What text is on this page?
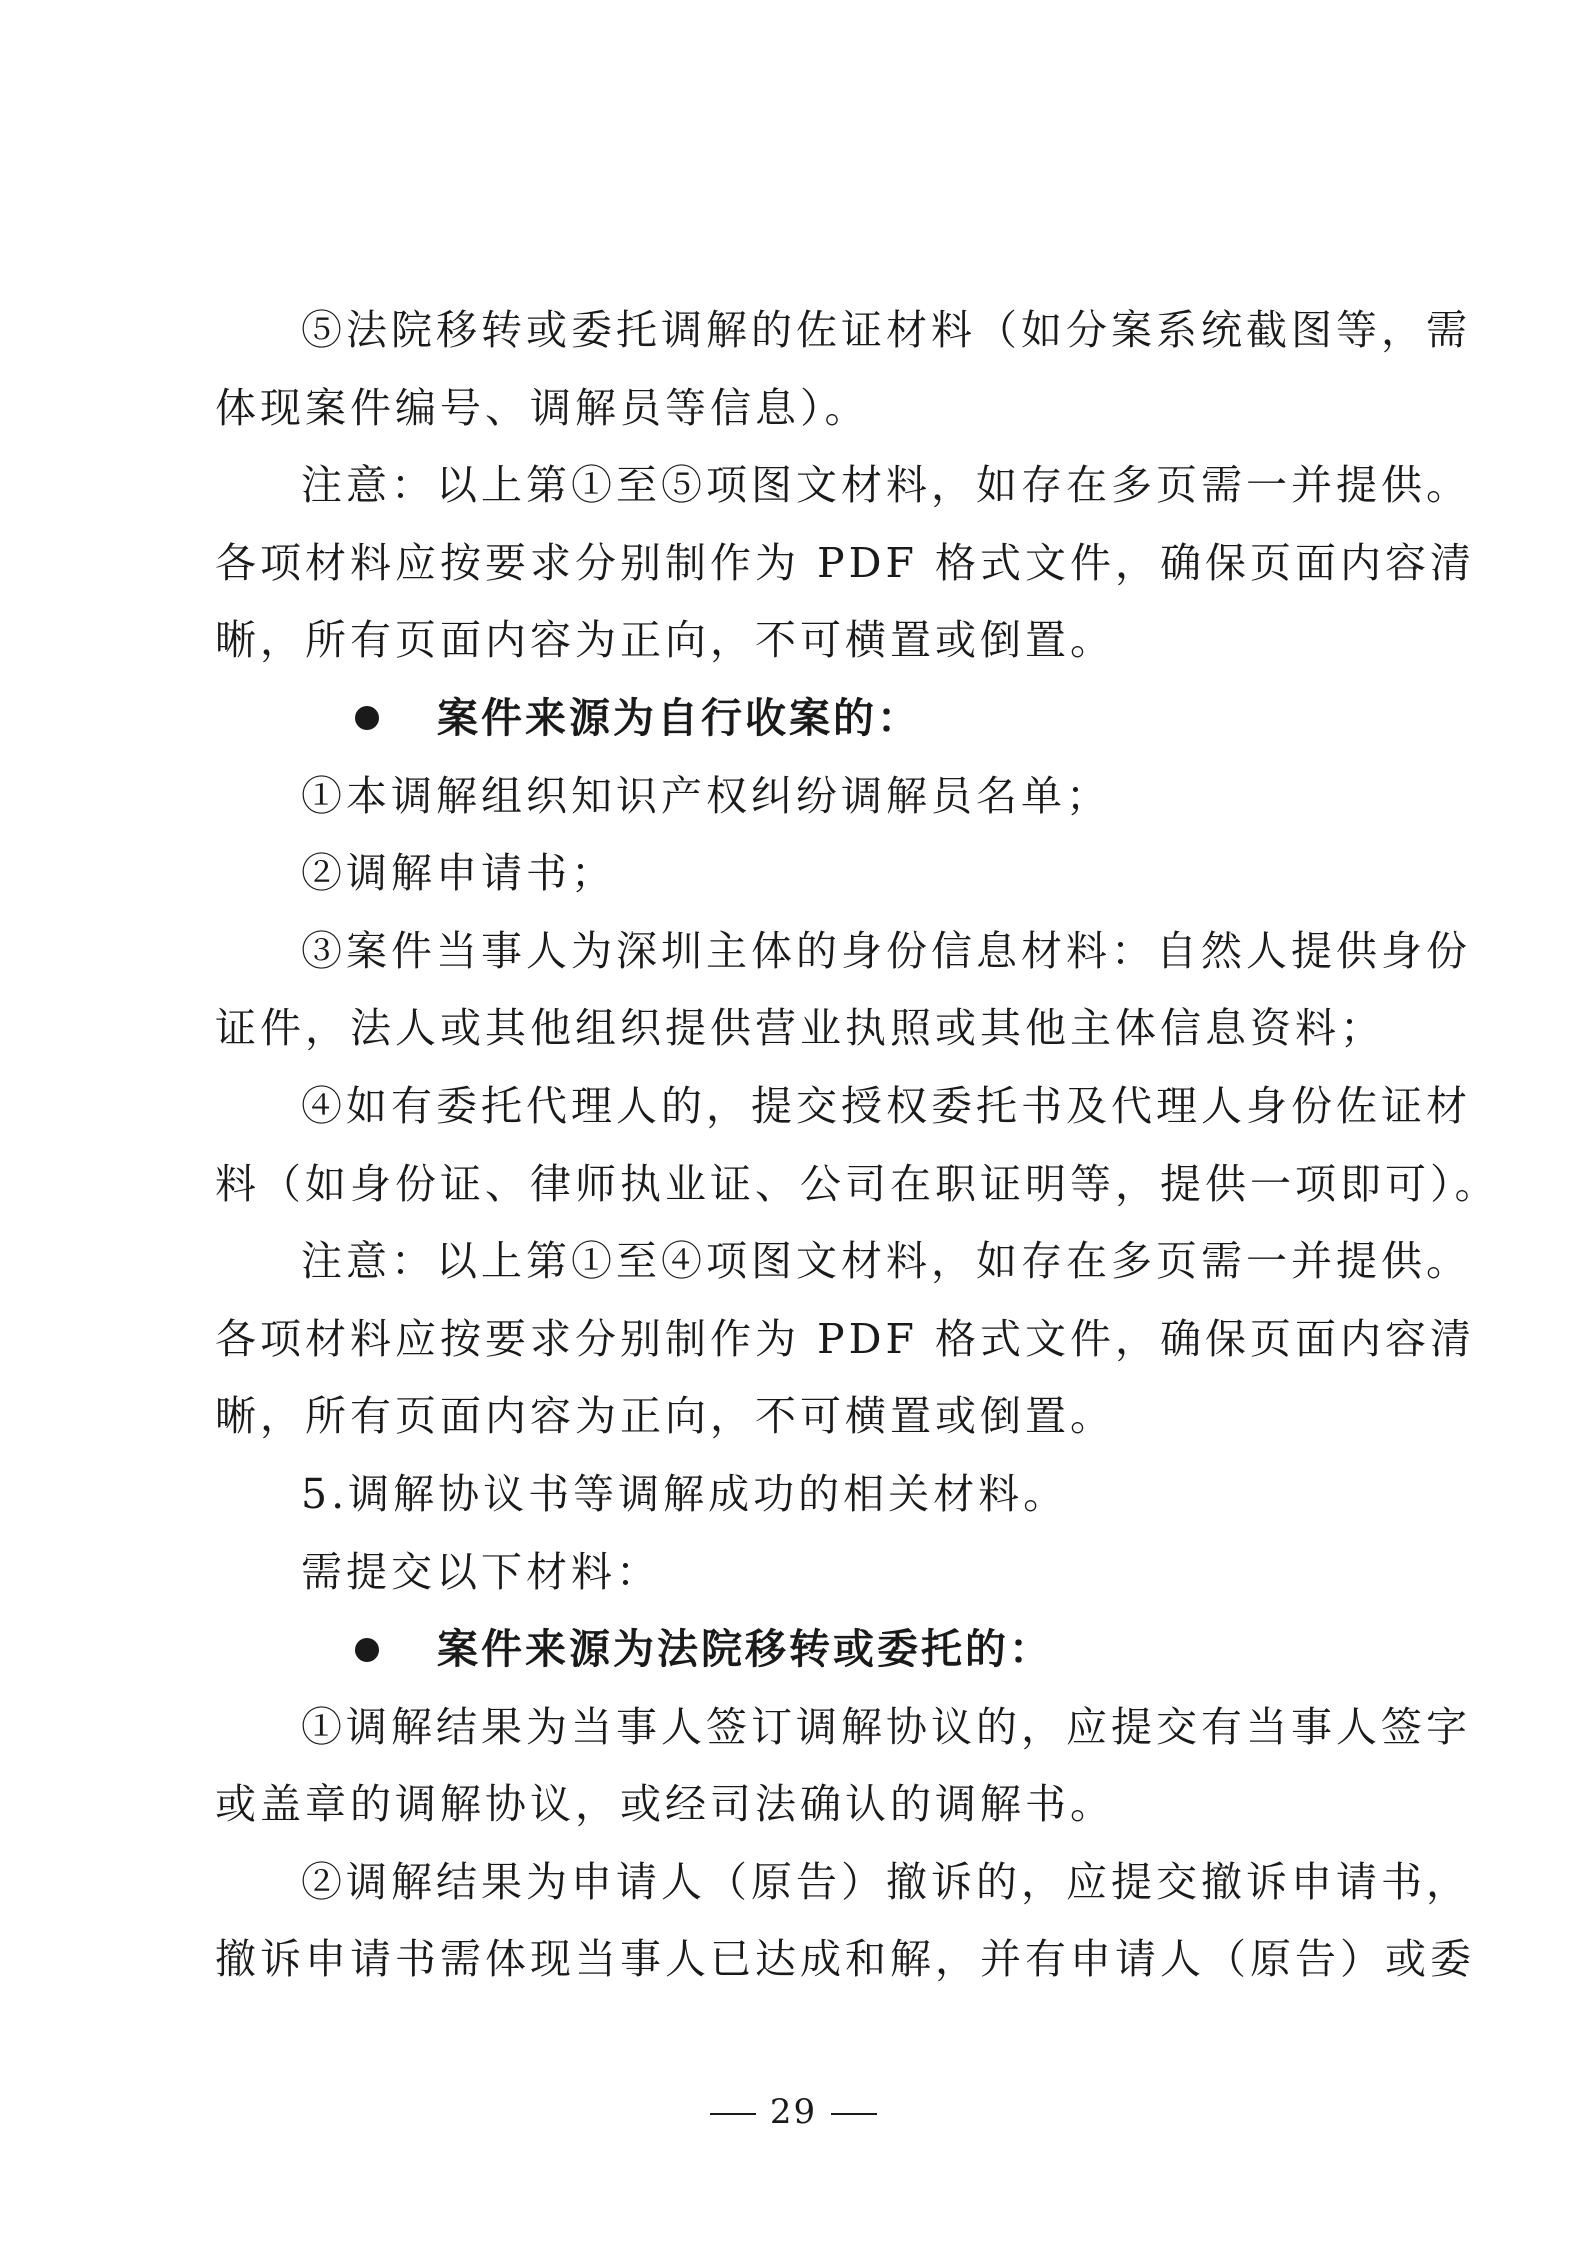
⑤法院移转或委托调解的佐证材料（如分案系统截图等，需
体现案件编号、调解员等信息）。
注意：以上第①至⑤项图文材料，如存在多页需一并提供。
各项材料应按要求分别制作为 PDF 格式文件，确保页面内容清
晰，所有页面内容为正向，不可横置或倒置。
案件来源为自行收案的：
①本调解组织知识产权纠纷调解员名单；
②调解申请书；
③案件当事人为深圳主体的身份信息材料：自然人提供身份
证件，法人或其他组织提供营业执照或其他主体信息资料；
④如有委托代理人的，提交授权委托书及代理人身份佐证材
料（如身份证、律师执业证、公司在职证明等，提供一项即可）。
注意：以上第①至④项图文材料，如存在多页需一并提供。
各项材料应按要求分别制作为 PDF 格式文件，确保页面内容清
晰，所有页面内容为正向，不可横置或倒置。
5.调解协议书等调解成功的相关材料。
需提交以下材料：
案件来源为法院移转或委托的：
①调解结果为当事人签订调解协议的，应提交有当事人签字
或盖章的调解协议，或经司法确认的调解书。
②调解结果为申请人（原告）撤诉的，应提交撤诉申请书，
撤诉申请书需体现当事人已达成和解，并有申请人（原告）或委
29
